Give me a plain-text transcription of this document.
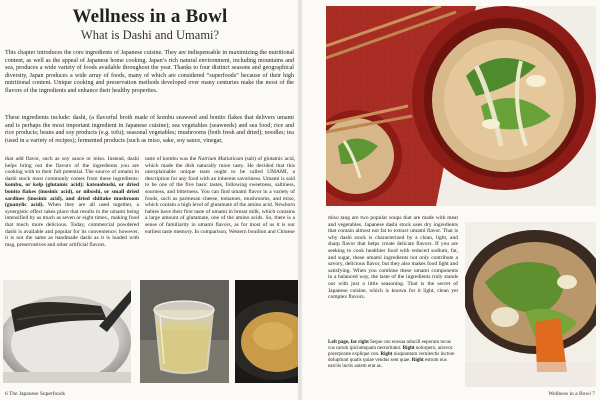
Wellness in a Bowl
What is Dashi and Umami?

This chapter introduces the core ingredients of Japanese cuisine. They are indispensable in maximizing the nutritional content, as well as the appeal of Japanese home cooking. Japan’s rich natural environment, including mountains and sea, produces a wide variety of foods available throughout the year. Thanks to four distinct seasons and geographical diversity, Japan produces a wide array of foods, many of which are considered “superfoods” because of their high nutritional content. Unique cooking and preservation methods developed over many centuries make the most of the flavors of the ingredients and enhance their healthy properties.

These ingredients include: dashi, (a flavorful broth made of kombu seaweed and bonito flakes that delivers umami and is perhaps the most important ingredient in Japanese cuisine); sea vegetables (seaweeds) and sea food; rice and rice products; beans and soy products (e.g. tofu); seasonal vegetables; mushrooms (both fresh and dried); noodles; tea (used in a variety of recipes); fermented products (such as miso, sake, soy sauce, vinegar,

that add flavor, such as soy sauce or miso. Instead, dashi helps bring out the flavors of the ingredients you are cooking with to their full potential. The source of umami in dashi stock most commonly comes from these ingredients: kombu, or kelp (glutamic acid); katsuobushi, or dried bonito flakes (inosinic acid), or niboshi, or small dried sardines (inosinic acid), and dried shiitake mushroom (guanylic acid). When they are all used together, a synergistic effect takes place that results in the umami being intensified by as much as seven or eight times., making food that much more delicious. Today, commercial powdered dashi is available and popular for its convenience; however, it is not the same as handmade dashi as it is loaded with msg, preservatives and other artificial flavors.

taste of kombu was the Natrium Mutiaticum (salt) of glutamic acid, which made the dish naturally more tasty. He decided that this unexplainable unique taste ought to be called UMAMI, a description for any food with an inherent savoriness. Umami is said to be one of the five basic tastes, following sweetness, saltiness, sourness, and bitterness. You can find umami flavor in a variety of foods, such as parmesan cheese, tomatoes, mushrooms, and miso, which contain a high level of glutamate of the amino acid. Newborn babies have their first taste of umami in breast milk, which contains a large amount of glutamate, one of the amino acids. So, there is a sense of familiarity in umami flavors, as for most of us it is our earliest taste memory. In comparison, Western bouillon and Chinese

6 The Japanese Superfoods

miso tang are two popular soups that are made with meat and vegetables. Japanese dashi stock uses dry ingredients that contain almost not fat to extract umami flavor. That is why dashi stock is characterized by a clean, light, and sharp flavor that helps create delicate flavors. If you are seeking to cook healthier food with reduced sodium, fat, and sugar, these umami ingredients not only contribute a savory, delicious flavor, but they also makes food light and satisfying. When you combine these umami components in a balanced way, the taste of the ingredients truly stands out with just a little seasoning. That is the secret of Japanese cuisine, which is known for it light, clean yet complex flavors.

Left page, far right Seque con eossua nducill eeporum recus cus carum ipiciumquam nectoritatur. Right uolorpero, acievoc porerporate explique con. Right nisquuntum vernitectis inctore doluptiunt quatis quiae vendus sent quae. Right estrum nus earciis inctis autem erat as.

Wellness in a Bowl 7
